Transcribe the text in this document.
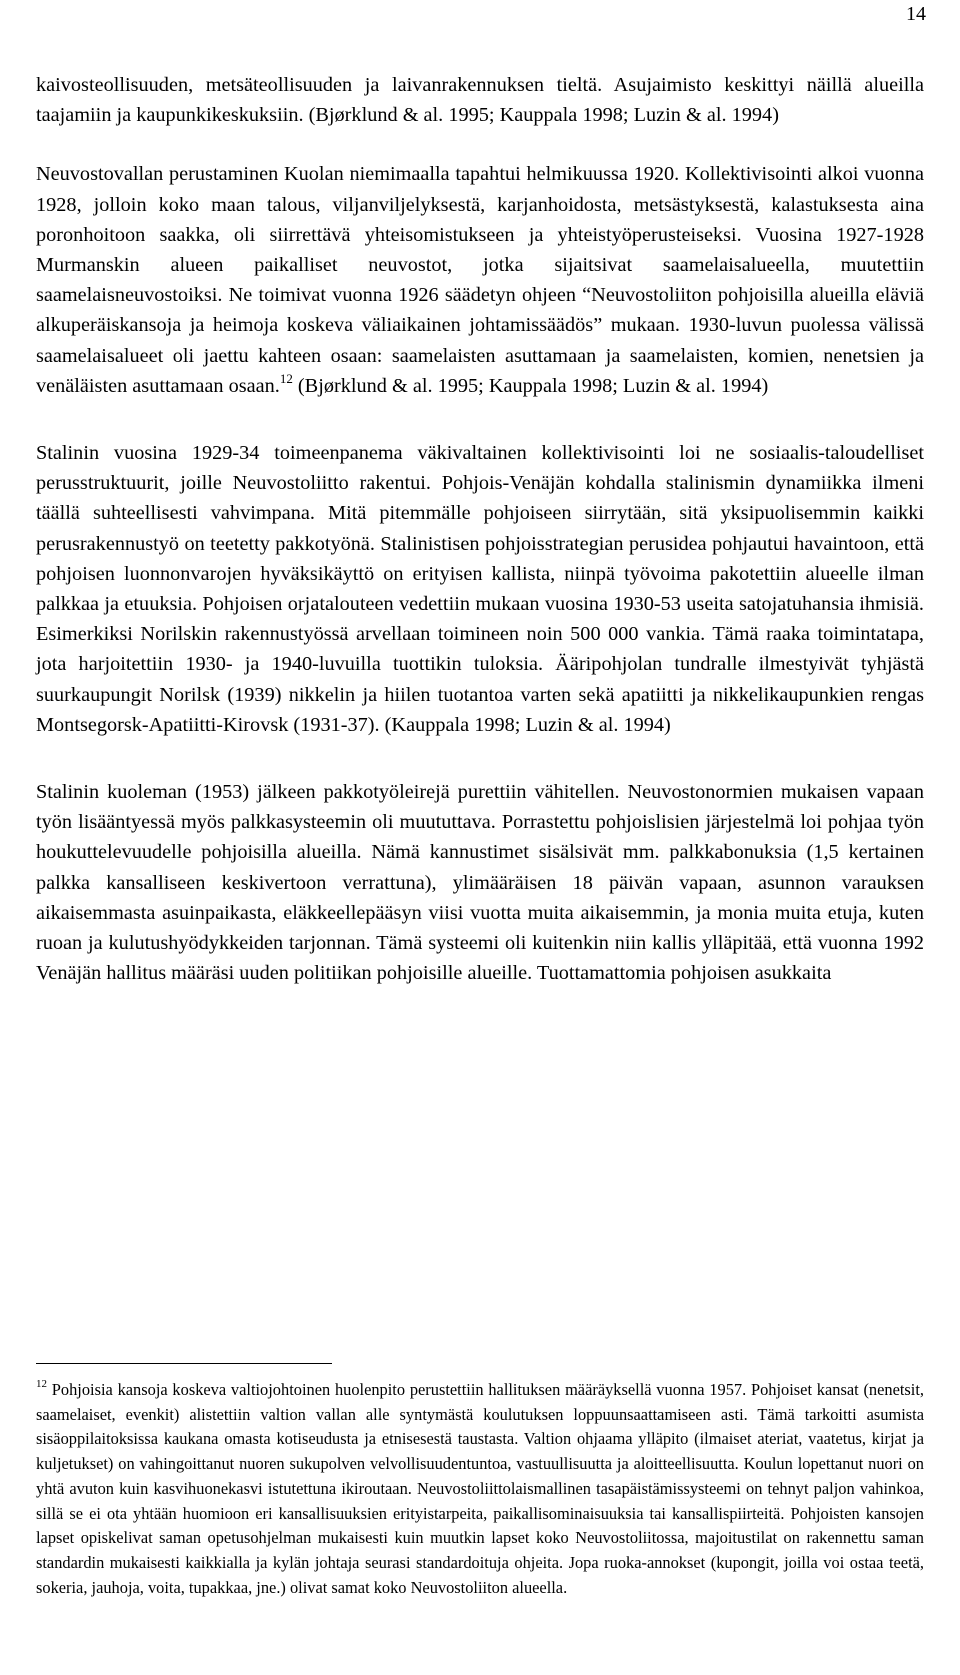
14

kaivosteollisuuden, metsäteollisuuden ja laivanrakennuksen tieltä. Asujaimisto keskittyi näillä alueilla taajamiin ja kaupunkikeskuksiin. (Bjørklund & al. 1995; Kauppala 1998; Luzin & al. 1994)

Neuvostovallan perustaminen Kuolan niemimaalla tapahtui helmikuussa 1920. Kollektivisointi alkoi vuonna 1928, jolloin koko maan talous, viljanviljelyksestä, karjanhoidosta, metsästyksestä, kalastuksesta aina poronhoitoon saakka, oli siirrettävä yhteisomistukseen ja yhteistyöperusteiseksi. Vuosina 1927-1928 Murmanskin alueen paikalliset neuvostot, jotka sijaitsivat saamelaisalueella, muutettiin saamelaisneuvostoiksi. Ne toimivat vuonna 1926 säädetyn ohjeen “Neuvostoliiton pohjoisilla alueilla eläviä alkuperäiskansoja ja heimoja koskeva väliaikainen johtamissäädös” mukaan. 1930-luvun puolessa välissä saamelaisalueet oli jaettu kahteen osaan: saamelaisten asuttamaan ja saamelaisten, komien, nenetsien ja venäläisten asuttamaan osaan.$^{12}$ (Bjørklund & al. 1995; Kauppala 1998; Luzin & al. 1994)

Stalinin vuosina 1929-34 toimeenpanema väkivaltainen kollektivisointi loi ne sosiaalis-taloudelliset perusstruktuurit, joille Neuvostoliitto rakentui. Pohjois-Venäjän kohdalla stalinismin dynamiikka ilmeni täällä suhteellisesti vahvimpana. Mitä pitemmälle pohjoiseen siirrytään, sitä yksipuolisemmin kaikki perusrakennustyö on teetetty pakkotyönä. Stalinistisen pohjoisstrategian perusidea pohjautui havaintoon, että pohjoisen luonnonvarojen hyväksikäyttö on erityisen kallista, niinpä työvoima pakotettiin alueelle ilman palkkaa ja etuuksia. Pohjoisen orjatalouteen vedettiin mukaan vuosina 1930-53 useita satojatuhansia ihmisiä. Esimerkiksi Norilskin rakennustyössä arvellaan toimineen noin 500 000 vankia. Tämä raaka toimintatapa, jota harjoitettiin 1930- ja 1940-luvuilla tuottikin tuloksia. Ääripohjolan tundralle ilmestyivät tyhjästä suurkaupungit Norilsk (1939) nikkelin ja hiilen tuotantoa varten sekä apatiitti ja nikkelikaupunkien rengas Montsegorsk-Apatiitti-Kirovsk (1931-37). (Kauppala 1998; Luzin & al. 1994)

Stalinin kuoleman (1953) jälkeen pakkotyöleirejä purettiin vähitellen. Neuvostonormien mukaisen vapaan työn lisääntyessä myös palkkasysteemin oli muututtava. Porrastettu pohjoislisien järjestelmä loi pohjaa työn houkuttelevuudelle pohjoisilla alueilla. Nämä kannustimet sisälsivät mm. palkkabonuksia (1,5 kertainen palkka kansalliseen keskivertoon verrattuna), ylimääräisen 18 päivän vapaan, asunnon varauksen aikaisemmasta asuinpaikasta, eläkkeellepääsyn viisi vuotta muita aikaisemmin, ja monia muita etuja, kuten ruoan ja kulutushyödykkeiden tarjonnan. Tämä systeemi oli kuitenkin niin kallis ylläpitää, että vuonna 1992 Venäjän hallitus määräsi uuden politiikan pohjoisille alueille. Tuottamattomia pohjoisen asukkaita

$^{12}$ Pohjoisia kansoja koskeva valtiojohtoinen huolenpito perustettiin hallituksen määräyksellä vuonna 1957. Pohjoiset kansat (nenetsit, saamelaiset, evenkit) alistettiin valtion vallan alle syntymästä koulutuksen loppuunsaattamiseen asti. Tämä tarkoitti asumista sisäoppilaitoksissa kaukana omasta kotiseudusta ja etnisesestä taustasta. Valtion ohjaama ylläpito (ilmaiset ateriat, vaatetus, kirjat ja kuljetukset) on vahingoittanut nuoren sukupolven velvollisuudentuntoa, vastuullisuutta ja aloitteellisuutta. Koulun lopettanut nuori on yhtä avuton kuin kasvihuonekasvi istutettuna ikiroutaan. Neuvostoliittolaismallinen tasapäistämissysteemi on tehnyt paljon vahinkoa, sillä se ei ota yhtään huomioon eri kansallisuuksien erityistarpeita, paikallisominaisuuksia tai kansallispiirteitä. Pohjoisten kansojen lapset opiskelivat saman opetusohjelman mukaisesti kuin muutkin lapset koko Neuvostoliitossa, majoitustilat on rakennettu saman standardin mukaisesti kaikkialla ja kylän johtaja seurasi standardoituja ohjeita. Jopa ruoka-annokset (kupongit, joilla voi ostaa teetä, sokeria, jauhoja, voita, tupakkaa, jne.) olivat samat koko Neuvostoliiton alueella.
